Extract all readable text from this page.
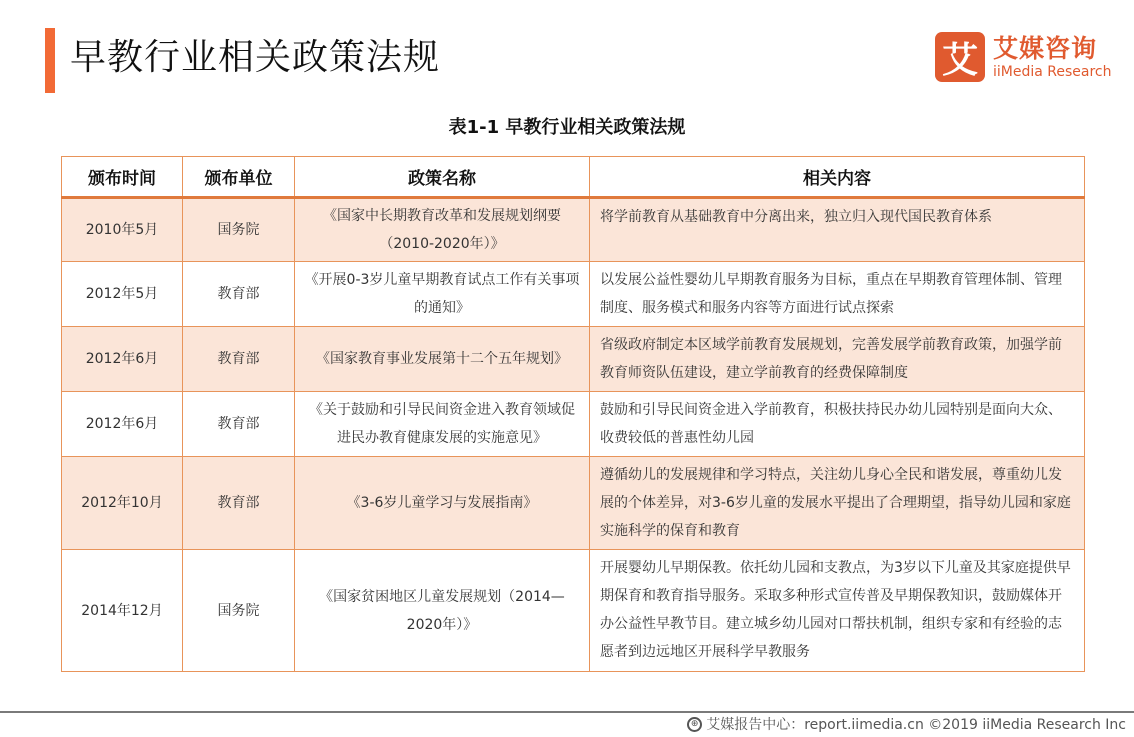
早教行业相关政策法规	艾 艾媒咨询
iiMedia Research
表1-1 早教行业相关政策法规
颁布时间	颁布单位	政策名称	相关内容
2010年5月	国务院	《国家中长期教育改革和发展规划纲要（2010-2020年）》	将学前教育从基础教育中分离出来，独立归入现代国民教育体系
2012年5月	教育部	《开展0-3岁儿童早期教育试点工作有关事项的通知》	以发展公益性婴幼儿早期教育服务为目标，重点在早期教育管理体制、管理制度、服务模式和服务内容等方面进行试点探索
2012年6月	教育部	《国家教育事业发展第十二个五年规划》	省级政府制定本区域学前教育发展规划，完善发展学前教育政策，加强学前教育师资队伍建设，建立学前教育的经费保障制度
2012年6月	教育部	《关于鼓励和引导民间资金进入教育领域促进民办教育健康发展的实施意见》	鼓励和引导民间资金进入学前教育，积极扶持民办幼儿园特别是面向大众、收费较低的普惠性幼儿园
2012年10月	教育部	《3-6岁儿童学习与发展指南》	遵循幼儿的发展规律和学习特点，关注幼儿身心全民和谐发展，尊重幼儿发展的个体差异，对3-6岁儿童的发展水平提出了合理期望，指导幼儿园和家庭实施科学的保育和教育
2014年12月	国务院	《国家贫困地区儿童发展规划（2014—2020年）》	开展婴幼儿早期保教。依托幼儿园和支教点，为3岁以下儿童及其家庭提供早期保育和教育指导服务。采取多种形式宣传普及早期保教知识，鼓励媒体开办公益性早教节目。建立城乡幼儿园对口帮扶机制，组织专家和有经验的志愿者到边远地区开展科学早教服务
⊕ 艾媒报告中心：report.iimedia.cn ©2019 iiMedia Research Inc
